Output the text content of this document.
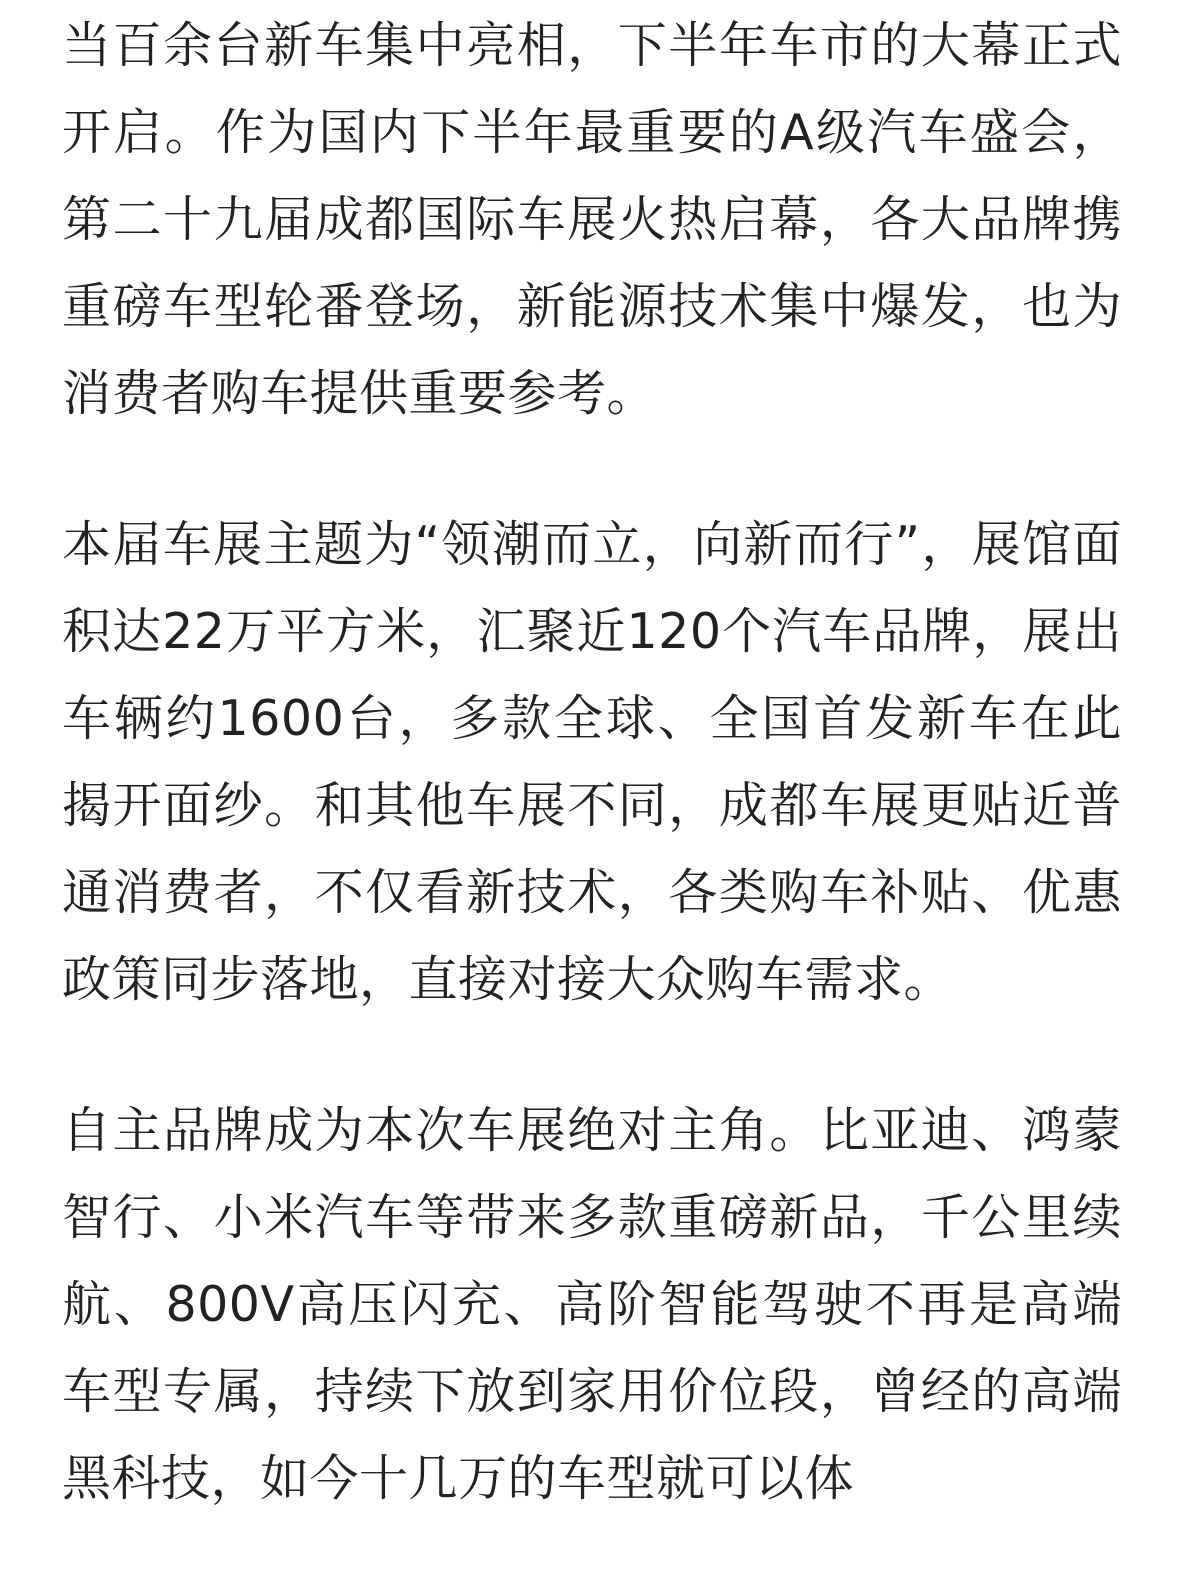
当百余台新车集中亮相，下半年车市的大幕正式开启。作为国内下半年最重要的A级汽车盛会，第二十九届成都国际车展火热启幕，各大品牌携重磅车型轮番登场，新能源技术集中爆发，也为消费者购车提供重要参考。

本届车展主题为“领潮而立，向新而行”，展馆面积达22万平方米，汇聚近120个汽车品牌，展出车辆约1600台，多款全球、全国首发新车在此揭开面纱。和其他车展不同，成都车展更贴近普通消费者，不仅看新技术，各类购车补贴、优惠政策同步落地，直接对接大众购车需求。

自主品牌成为本次车展绝对主角。比亚迪、鸿蒙智行、小米汽车等带来多款重磅新品，千公里续航、800V高压闪充、高阶智能驾驶不再是高端车型专属，持续下放到家用价位段，曾经的高端黑科技，如今十几万的车型就可以体
